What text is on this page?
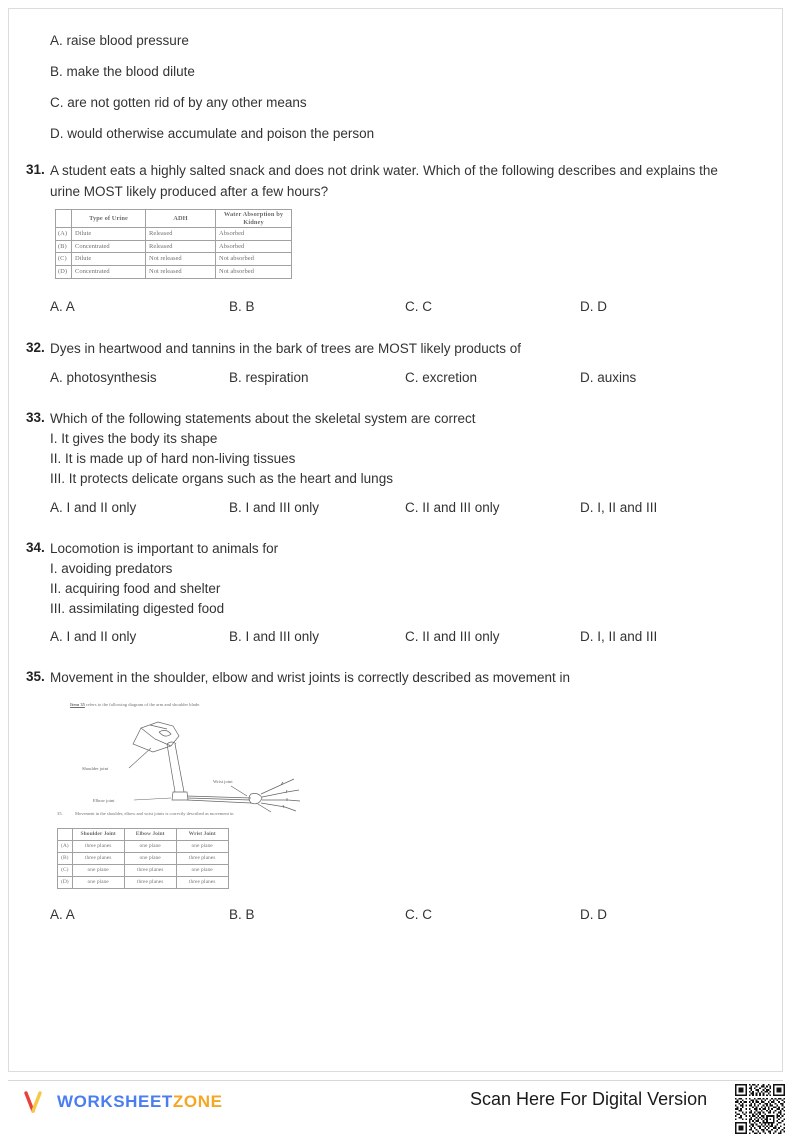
A. raise blood pressure
B. make the blood dilute
C. are not gotten rid of by any other means
D. would otherwise accumulate and poison the person
31. A student eats a highly salted snack and does not drink water. Which of the following describes and explains the urine MOST likely produced after a few hours?
A. A	B. B	C. C	D. D
32. Dyes in heartwood and tannins in the bark of trees are MOST likely products of
A. photosynthesis	B. respiration	C. excretion	D. auxins
33. Which of the following statements about the skeletal system are correct
I. It gives the body its shape
II. It is made up of hard non-living tissues
III. It protects delicate organs such as the heart and lungs
A. I and II only	B. I and III only	C. II and III only	D. I, II and III
34. Locomotion is important to animals for
I. avoiding predators
II. acquiring food and shelter
III. assimilating digested food
A. I and II only	B. I and III only	C. II and III only	D. I, II and III
35. Movement in the shoulder, elbow and wrist joints is correctly described as movement in
A. A	B. B	C. C	D. D
	Type of Urine	ADH	Water Absorption by Kidney
(A)	Dilute	Released	Absorbed
(B)	Concentrated	Released	Absorbed
(C)	Dilute	Not released	Not absorbed
(D)	Concentrated	Not released	Not absorbed
Item 35 refers to the following diagram of the arm and shoulder blade.
Shoulder joint
Elbow joint
Wrist joint
35.	Movement in the shoulder, elbow and wrist joints is correctly described as movement in
	Shoulder Joint	Elbow Joint	Wrist Joint
(A)	three planes	one plane	one plane
(B)	three planes	one plane	three planes
(C)	one plane	three planes	one plane
(D)	one plane	three planes	three planes
WORKSHEETZONE	Scan Here For Digital Version
